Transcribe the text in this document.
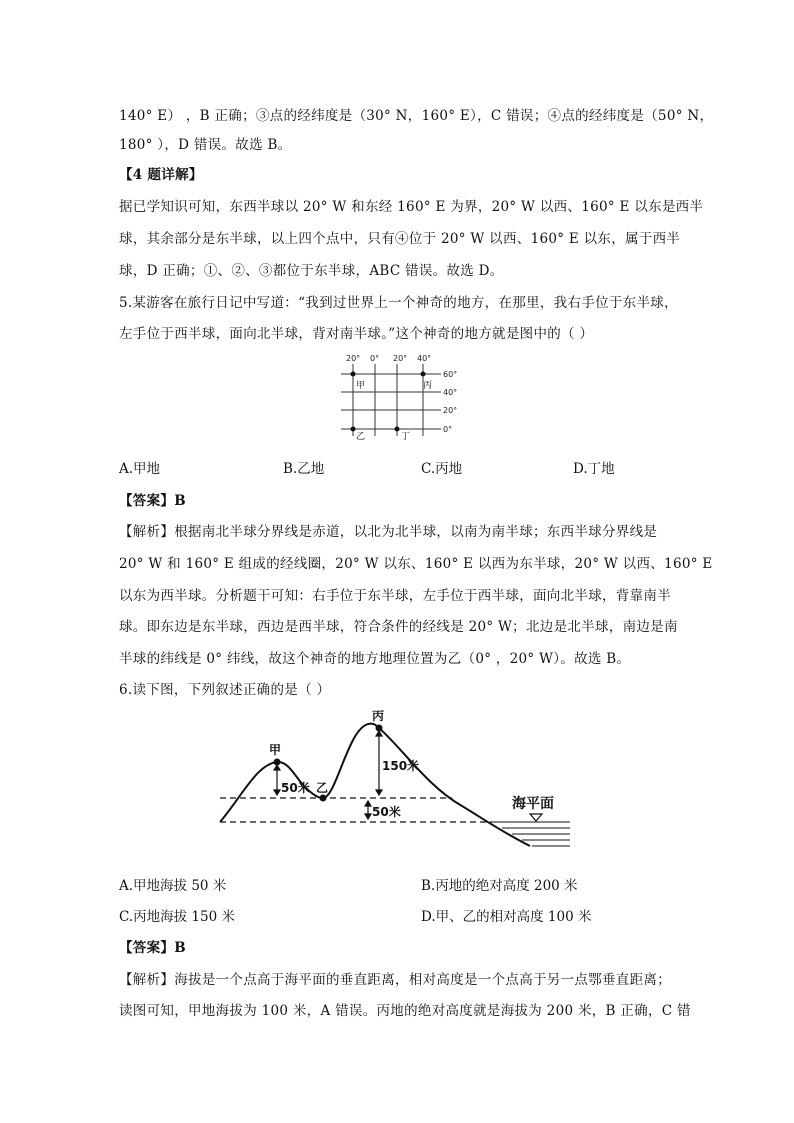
140° E） ，B 正确；③点的经纬度是（30° N，160° E），C 错误；④点的经纬度是（50° N，
180° ），D 错误。故选 B。
【4 题详解】
据已学知识可知，东西半球以 20° W 和东经 160° E 为界，20° W 以西、160° E 以东是西半
球，其余部分是东半球，以上四个点中，只有④位于 20° W 以西、160° E 以东，属于西半
球，D 正确；①、②、③都位于东半球，ABC 错误。故选 D。
5.某游客在旅行日记中写道：“我到过世界上一个神奇的地方，在那里，我右手位于东半球，
左手位于西半球，面向北半球，背对南半球。”这个神奇的地方就是图中的（ ）
20° 0° 20° 40°
60°
40°
20°
0°
甲
乙
丙
丁
A.甲地	B.乙地	C.丙地	D.丁地
【答案】B
【解析】根据南北半球分界线是赤道，以北为北半球，以南为南半球；东西半球分界线是
20° W 和 160° E 组成的经线圈，20° W 以东、160° E 以西为东半球，20° W 以西、160° E
以东为西半球。分析题干可知：右手位于东半球，左手位于西半球，面向北半球，背靠南半
球。即东边是东半球，西边是西半球，符合条件的经线是 20° W；北边是北半球，南边是南
半球的纬线是 0° 纬线，故这个神奇的地方地理位置为乙（0° ，20° W）。故选 B。
6.读下图，下列叙述正确的是（ ）
甲
乙
丙
50米
150米
50米	海平面
A.甲地海拔 50 米	B.丙地的绝对高度 200 米
C.丙地海拔 150 米	D.甲、乙的相对高度 100 米
【答案】B
【解析】海拔是一个点高于海平面的垂直距离，相对高度是一个点高于另一点鄂垂直距离；
读图可知，甲地海拔为 100 米，A 错误。丙地的绝对高度就是海拔为 200 米，B 正确，C 错
